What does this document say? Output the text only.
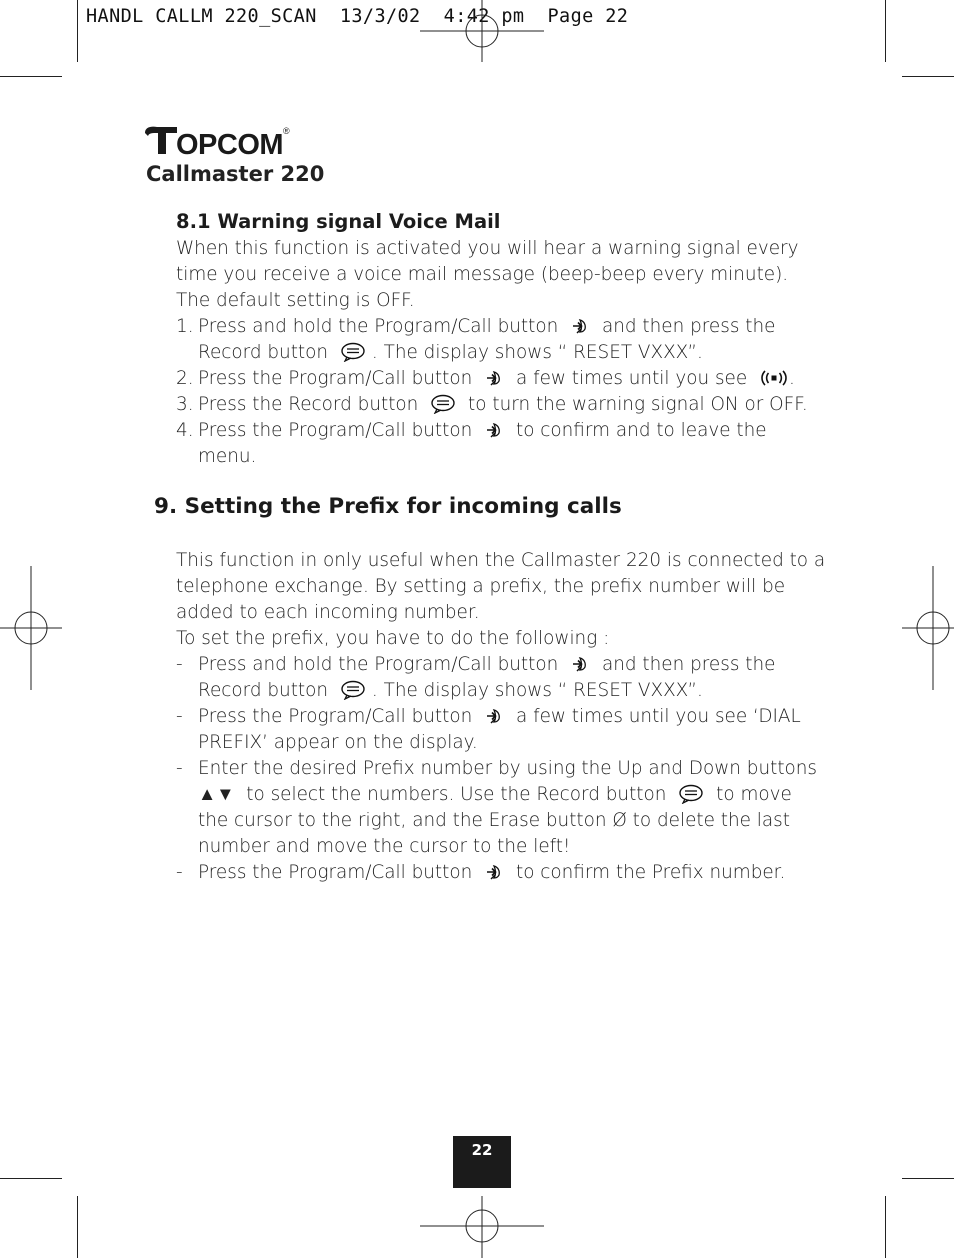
HANDL CALLM 220_SCAN  13/3/02  4:42 pm  Page 22
OPCOM ®
Callmaster 220
8.1 Warning signal Voice Mail
When this function is activated you will hear a warning signal every time you receive a voice mail message (beep-beep every minute). The default setting is OFF.
1. Press and hold the Program/Call button and then press the Record button . The display shows “ RESET VXXX”.
2. Press the Program/Call button a few times until you see .
3. Press the Record button	to turn the warning signal ON or OFF.
4. Press the Program/Call button to confirm and to leave the menu.
9. Setting the Prefix for incoming calls
This function in only useful when the Callmaster 220 is connected to a telephone exchange. By setting a prefix, the prefix number will be added to each incoming number.
To set the prefix, you have to do the following :
- Press and hold the Program/Call button and then press the Record button . The display shows “ RESET VXXX”.
- Press the Program/Call button a few times until you see ‘DIAL PREFIX’ appear on the display.
- Enter the desired Prefix number by using the Up and Down buttons ▲▼ to select the numbers. Use the Record button	to move the cursor to the right, and the Erase button Ø to delete the last number and move the cursor to the left!
- Press the Program/Call button to confirm the Prefix number.
22
